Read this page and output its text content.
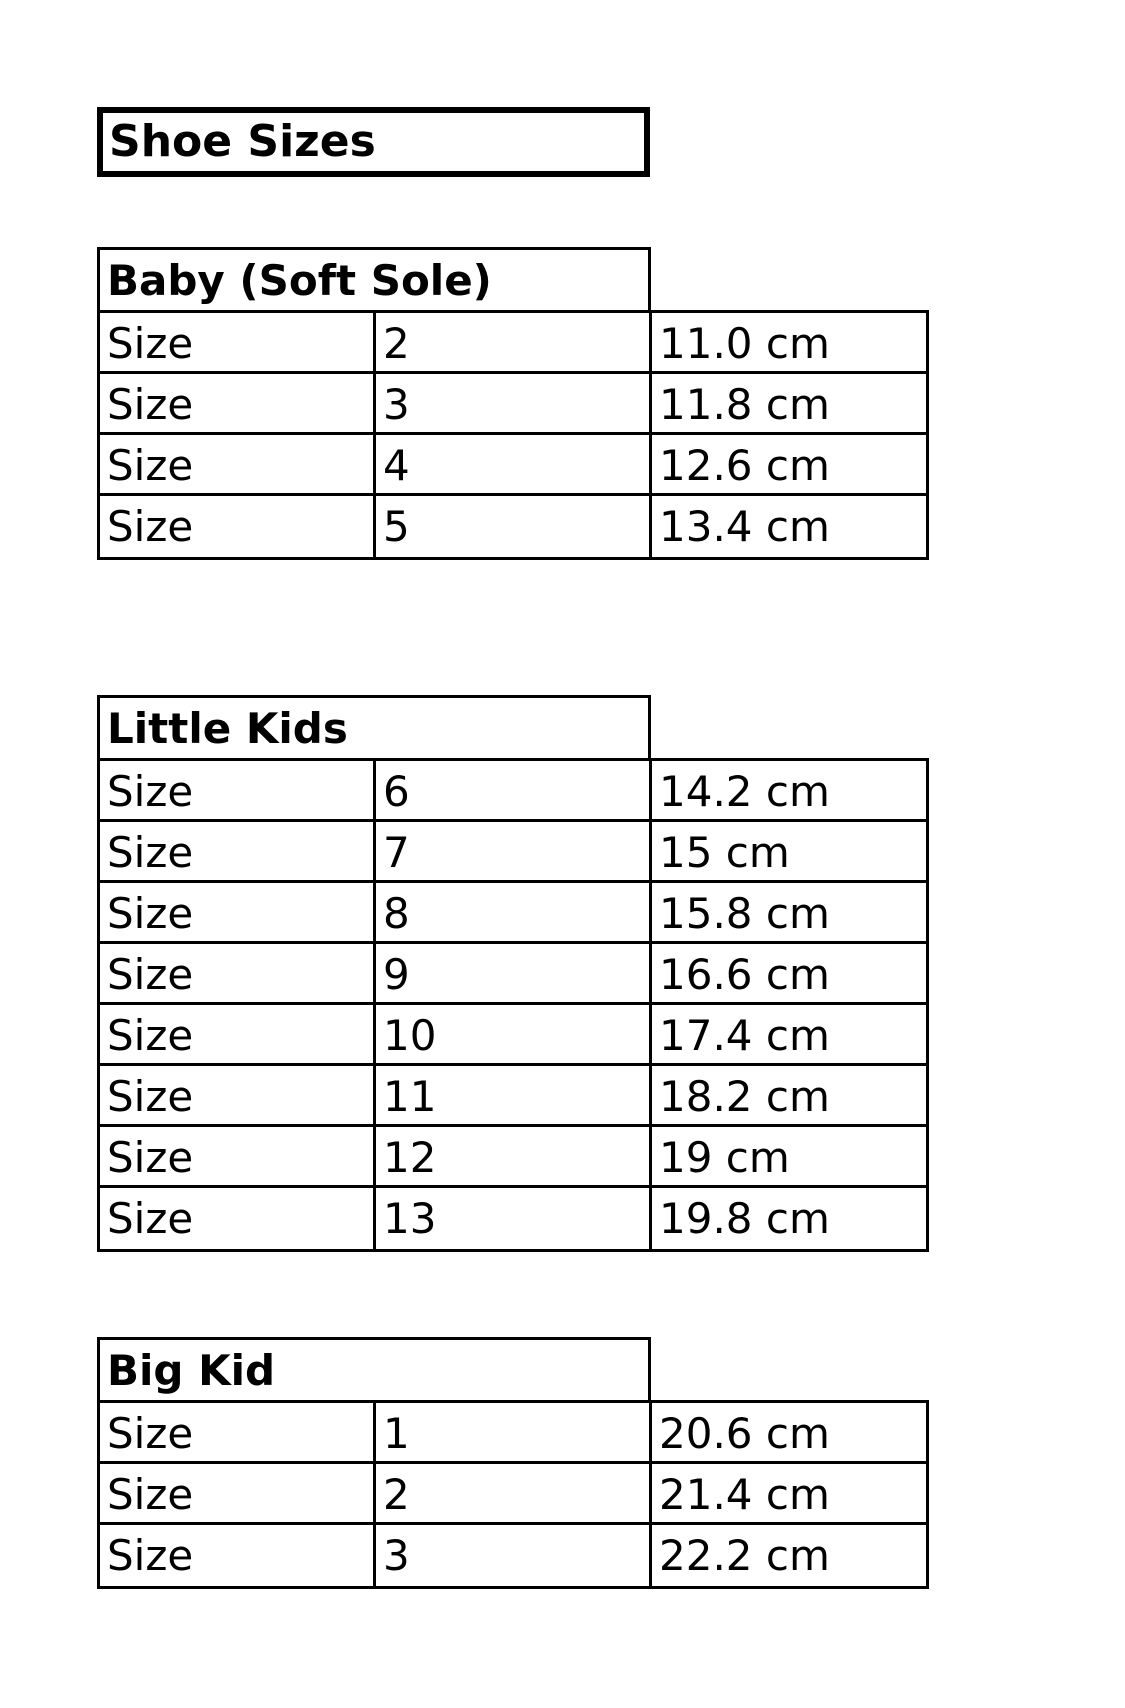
Shoe Sizes
Baby (Soft Sole)
Size	2	11.0 cm
Size	3	11.8 cm
Size	4	12.6 cm
Size	5	13.4 cm
Little Kids
Size	6	14.2 cm
Size	7	15 cm
Size	8	15.8 cm
Size	9	16.6 cm
Size	10	17.4 cm
Size	11	18.2 cm
Size	12	19 cm
Size	13	19.8 cm
Big Kid
Size	1	20.6 cm
Size	2	21.4 cm
Size	3	22.2 cm
